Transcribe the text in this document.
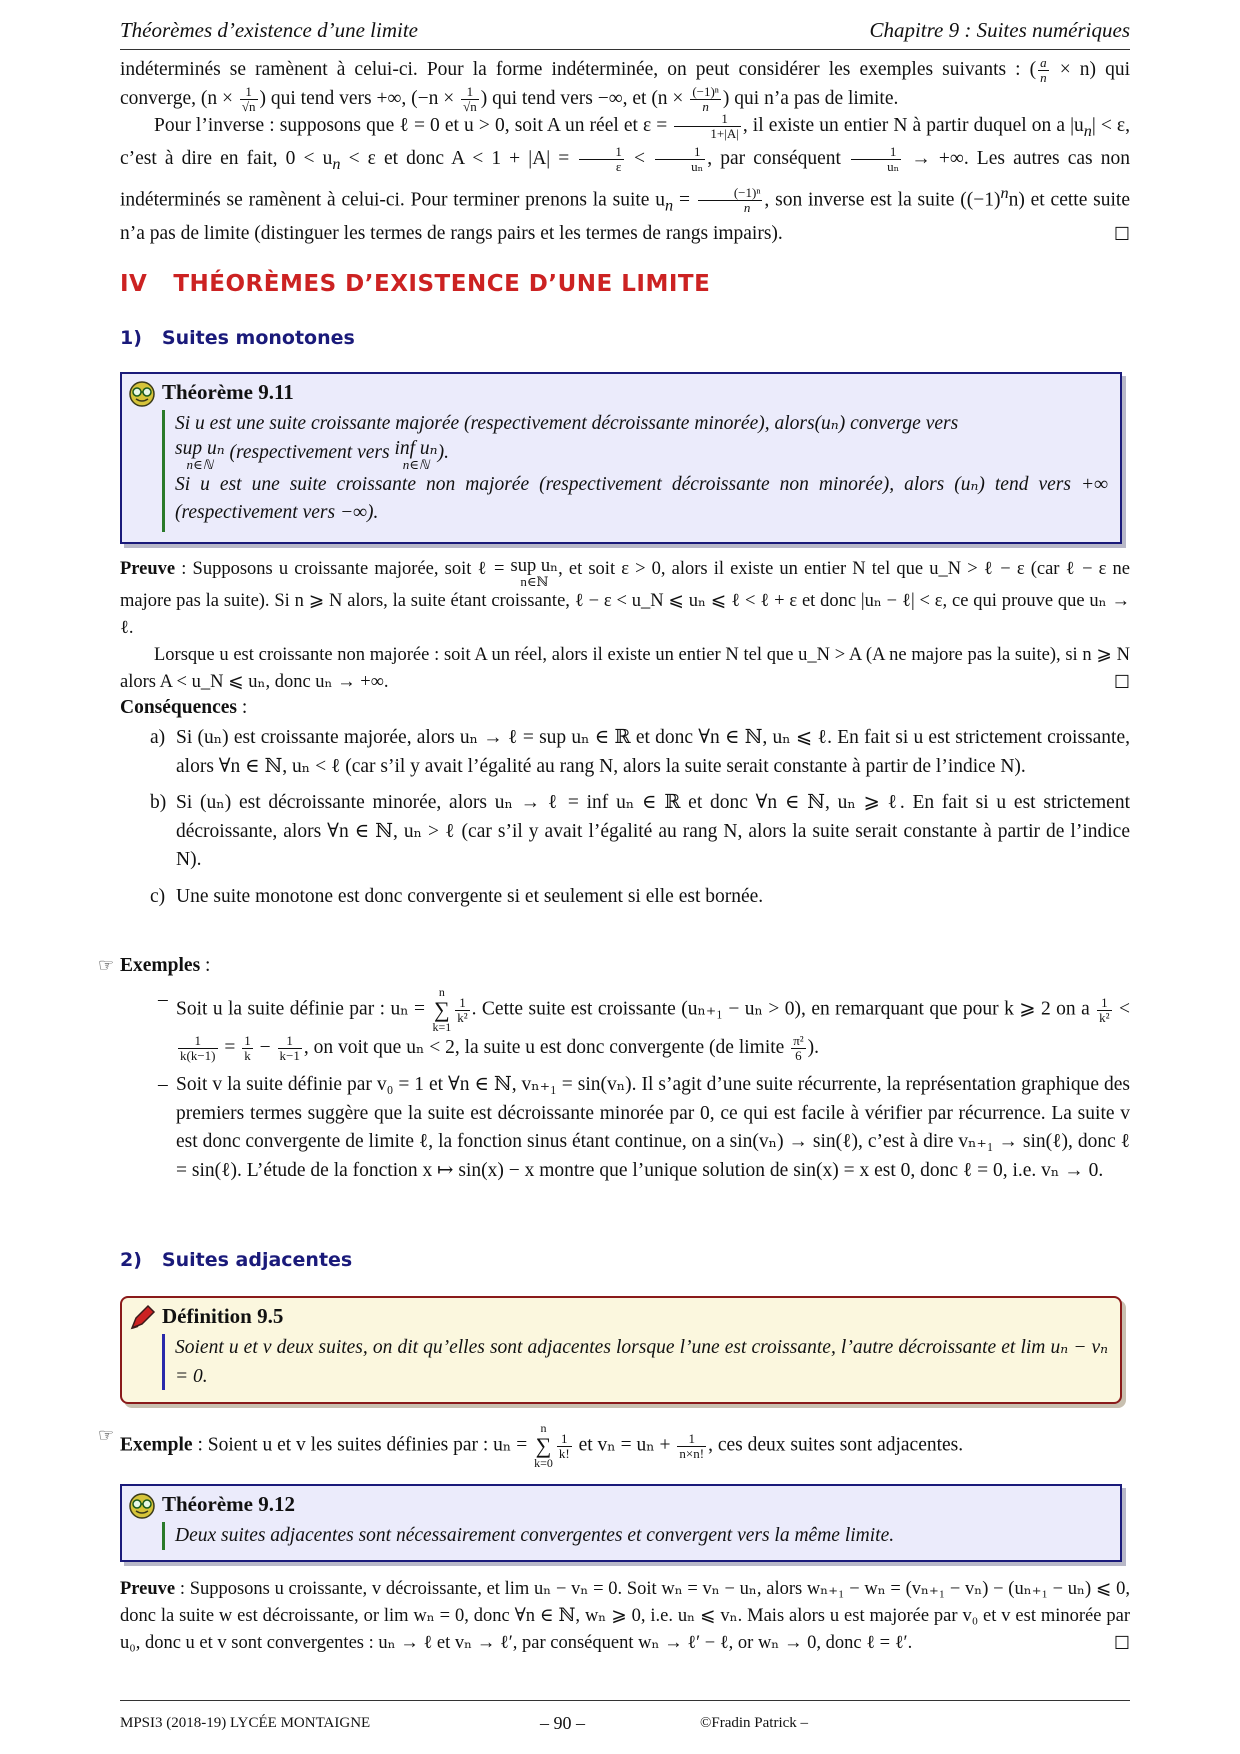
Théorèmes d’existence d’une limite	Chapitre 9 : Suites numériques

indéterminés se ramènent à celui-ci. Pour la forme indéterminée, on peut considérer les exemples suivants : ( $\frac{a}{n} \times n$) qui converge, ($n \times \frac{1}{√n}$ ) qui tend vers +∞, ($-n \times \frac{1}{√n}$ ) qui tend vers −∞, et ($n \times \frac{\text{(−1)ⁿ}}{n}$ ) qui n’a pas de limite.

Pour l’inverse : supposons que ℓ = 0 et u > 0, soit A un réel et $\varepsilon = \frac{1}{1+|A|}$ , il existe un entier N à partir duquel on a $|u_n| < \varepsilon$, c’est à dire en fait, $0 < u_n < \varepsilon$ et donc $A < 1 + |A| = \frac{1}{\varepsilon} < \frac{1}{\text{uₙ}}$ , par conséquent $\frac{1}{\text{uₙ}}$ → +∞. Les autres cas non indéterminés se ramènent à celui-ci. Pour terminer prenons la suite $u_n = \frac{\text{(−1)ⁿ}}{n}$ , son inverse est la suite $((-1)^nn)$ et cette suite n’a pas de limite (distinguer les termes de rangs pairs et les termes de rangs impairs).	☐

IV THÉORÈMES D’EXISTENCE D’UNE LIMITE
1) Suites monotones
Théorème 9.11
Si u est une suite croissante majorée (respectivement décroissante minorée), alors(uₙ) converge vers
sup uₙ
n∈ℕ
(respectivement vers inf uₙ
n∈ℕ
).
Si u est une suite croissante non majorée (respectivement décroissante non minorée), alors (uₙ) tend vers +∞ (respectivement vers −∞).

Preuve : Supposons u croissante majorée, soit ℓ = sup uₙ
n∈ℕ
, et soit ε > 0, alors il existe un entier N tel que u_N > ℓ − ε (car ℓ − ε ne majore pas la suite). Si n ⩾ N alors, la suite étant croissante, ℓ − ε < u_N ⩽ uₙ ⩽ ℓ < ℓ + ε et donc |uₙ − ℓ| < ε, ce qui prouve que uₙ → ℓ.

Lorsque u est croissante non majorée : soit A un réel, alors il existe un entier N tel que u_N > A (A ne majore pas la suite), si n ⩾ N alors A < u_N ⩽ uₙ, donc uₙ → +∞.	☐

Conséquences :
a) Si (uₙ) est croissante majorée, alors uₙ → ℓ = sup uₙ ∈ ℝ et donc ∀n ∈ ℕ, uₙ ⩽ ℓ. En fait si u est strictement croissante, alors ∀n ∈ ℕ, uₙ < ℓ (car s’il y avait l’égalité au rang N, alors la suite serait constante à partir de l’indice N).
b) Si (uₙ) est décroissante minorée, alors uₙ → ℓ = inf uₙ ∈ ℝ et donc ∀n ∈ ℕ, uₙ ⩾ ℓ. En fait si u est strictement décroissante, alors ∀n ∈ ℕ, uₙ > ℓ (car s’il y avait l’égalité au rang N, alors la suite serait constante à partir de l’indice N).
c) Une suite monotone est donc convergente si et seulement si elle est bornée.
☞ Exemples :
– Soit u la suite définie par : uₙ = n
∑
k=1
$\frac{1}{\text{k²}}$ . Cette suite est croissante (uₙ₊₁ − uₙ > 0), en remarquant que pour k ⩾ 2 on a $\frac{1}{\text{k²}}$ <
$\frac{1}{k(k-1)} = \frac{1}{k} - \frac{1}{k-1}$ , on voit que uₙ < 2, la suite u est donc convergente (de limite $\frac{\text{π²}}{6}$ ).
– Soit v la suite définie par v₀ = 1 et ∀n ∈ ℕ, vₙ₊₁ = sin(vₙ). Il s’agit d’une suite récurrente, la représentation graphique des premiers termes suggère que la suite est décroissante minorée par 0, ce qui est facile à vérifier par récurrence. La suite v est donc convergente de limite ℓ, la fonction sinus étant continue, on a sin(vₙ) → sin(ℓ), c’est à dire vₙ₊₁ → sin(ℓ), donc ℓ = sin(ℓ). L’étude de la fonction x ↦ sin(x) − x montre que l’unique solution de sin(x) = x est 0, donc ℓ = 0, i.e. vₙ → 0.
2) Suites adjacentes
Définition 9.5
Soient u et v deux suites, on dit qu’elles sont adjacentes lorsque l’une est croissante, l’autre décroissante et lim uₙ − vₙ = 0.

☞ Exemple : Soient u et v les suites définies par : uₙ = n
∑
k=0
$\frac{1}{k!}$ et $v_n = u_n + \frac{1}{n\times n!}$ , ces deux suites sont adjacentes.

Théorème 9.12
Deux suites adjacentes sont nécessairement convergentes et convergent vers la même limite.

Preuve : Supposons u croissante, v décroissante, et lim uₙ − vₙ = 0. Soit wₙ = vₙ − uₙ, alors wₙ₊₁ − wₙ = (vₙ₊₁ − vₙ) − (uₙ₊₁ − uₙ) ⩽ 0, donc la suite w est décroissante, or lim wₙ = 0, donc ∀n ∈ ℕ, wₙ ⩾ 0, i.e. uₙ ⩽ vₙ. Mais alors u est majorée par v₀ et v est minorée par u₀, donc u et v sont convergentes : uₙ → ℓ et vₙ → ℓ′, par conséquent wₙ → ℓ′ − ℓ, or wₙ → 0, donc ℓ = ℓ′.	☐

MPSI3 (2018-19) LYCÉE MONTAIGNE	– 90 –	©Fradin Patrick –
